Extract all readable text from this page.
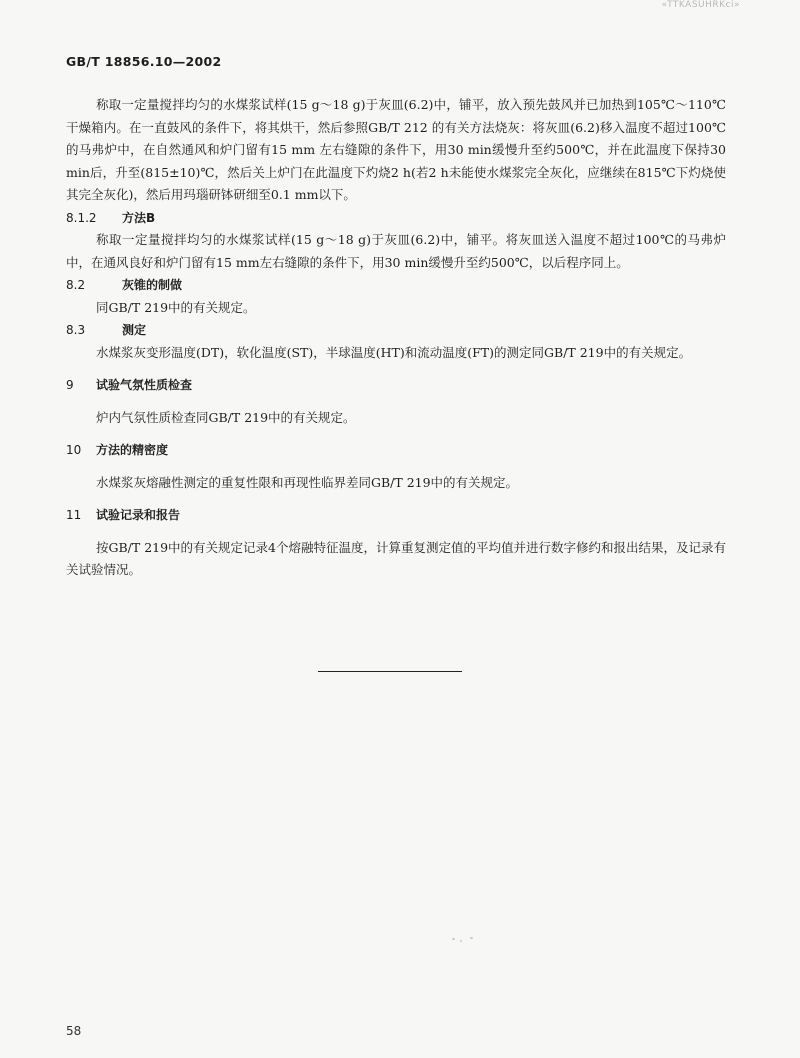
«TTKASUHRKci»
GB/T 18856.10—2002

称取一定量搅拌均匀的水煤浆试样(15 g～18 g)于灰皿(6.2)中，铺平，放入预先鼓风并已加热到105℃～110℃干燥箱内。在一直鼓风的条件下，将其烘干，然后参照GB/T 212 的有关方法烧灰：将灰皿(6.2)移入温度不超过100℃的马弗炉中，在自然通风和炉门留有15 mm 左右缝隙的条件下，用30 min缓慢升至约500℃，并在此温度下保持30 min后，升至(815±10)℃，然后关上炉门在此温度下灼烧2 h(若2 h未能使水煤浆完全灰化，应继续在815℃下灼烧使其完全灰化)，然后用玛瑙研钵研细至0.1 mm以下。

8.1.2 方法B

称取一定量搅拌均匀的水煤浆试样(15 g～18 g)于灰皿(6.2)中，铺平。将灰皿送入温度不超过100℃的马弗炉中，在通风良好和炉门留有15 mm左右缝隙的条件下，用30 min缓慢升至约500℃，以后程序同上。

8.2	灰锥的制做

同GB/T 219中的有关规定。

8.3	测定

水煤浆灰变形温度(DT)，软化温度(ST)，半球温度(HT)和流动温度(FT)的测定同GB/T 219中的有关规定。

9 试验气氛性质检查

炉内气氛性质检查同GB/T 219中的有关规定。

10 方法的精密度

水煤浆灰熔融性测定的重复性限和再现性临界差同GB/T 219中的有关规定。

11 试验记录和报告

按GB/T 219中的有关规定记录4个熔融特征温度，计算重复测定值的平均值并进行数字修约和报出结果，及记录有关试验情况。

58
